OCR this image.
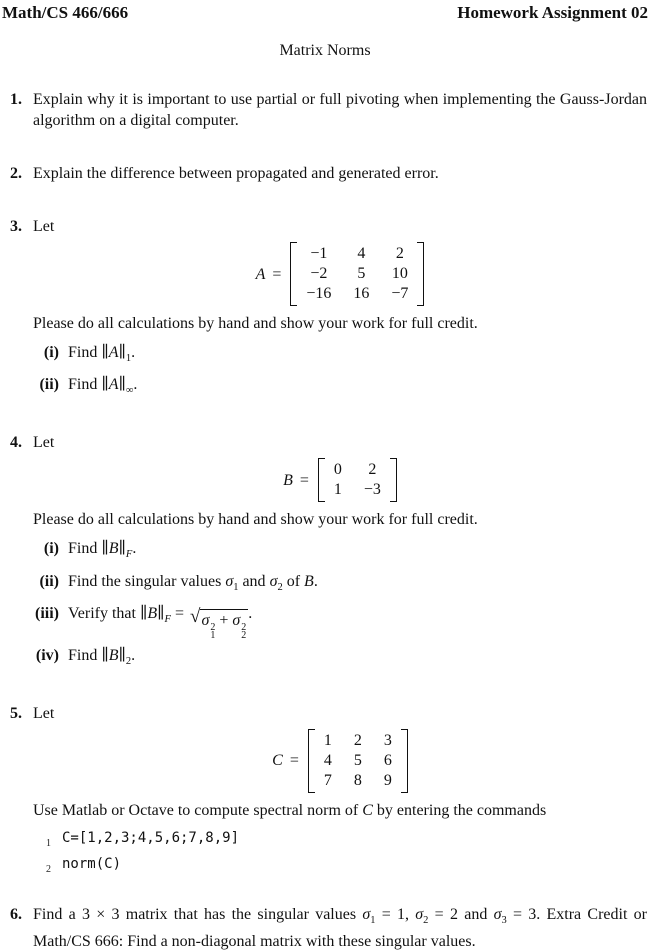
Math/CS 466/666	Homework Assignment 02
Matrix Norms
1. Explain why it is important to use partial or full pivoting when implementing the Gauss-Jordan algorithm on a digital computer.
2. Explain the difference between propagated and generated error.
3. Let
A =
−1 4 2
−2 5 10
−16 16 −7
Please do all calculations by hand and show your work for full credit.
(i) Find $\parallel A\parallel_1$.
(ii) Find $\parallel A\parallel_\infty$.
4. Let
B =
0 2
1 −3
Please do all calculations by hand and show your work for full credit.
(i) Find $\parallel B\parallel_F$.
(ii) Find the singular values $\sigma_1$ and $\sigma_2$ of B.
(iii) Verify that $\parallel B\parallel_F$ = √ σ 2
1
+ σ 2
2
.
(iv) Find $\parallel B\parallel_2$.
5. Let
C =
1 2 3
4 5 6
7 8 9
Use Matlab or Octave to compute spectral norm of C by entering the commands
1 C=[1,2,3;4,5,6;7,8,9]
2 norm(C)
6. Find a 3 × 3 matrix that has the singular values $\sigma_1 = 1$, $\sigma_2 = 2$ and $\sigma_3 = 3$. Extra Credit or Math/CS 666: Find a non-diagonal matrix with these singular values.
